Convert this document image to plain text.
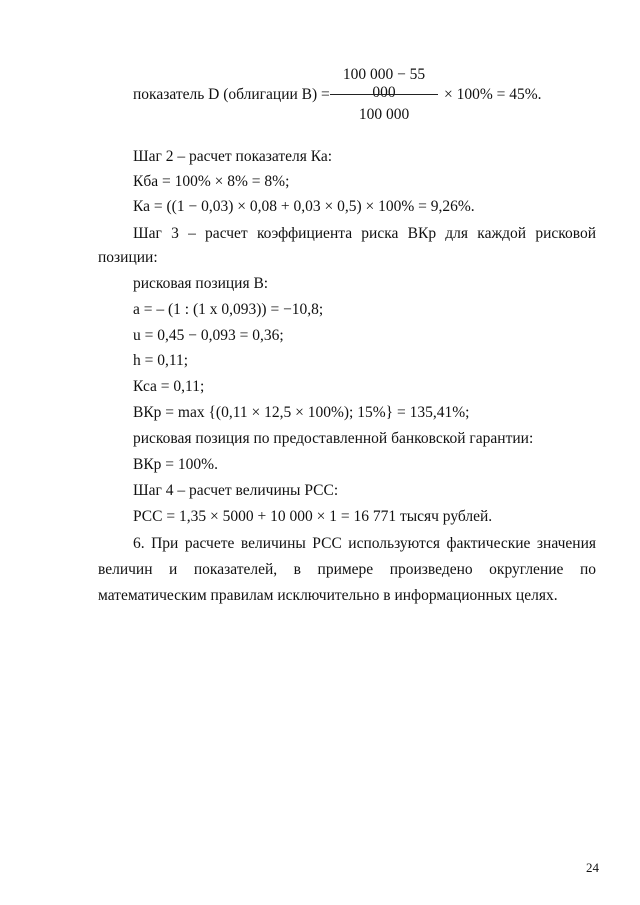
показатель D (облигации В) =
100 000 − 55 000
100 000
× 100% = 45%.
Шаг 2 – расчет показателя Ка:
Кба = 100% × 8% = 8%;
Ка = ((1 − 0,03) × 0,08 + 0,03 × 0,5) × 100% = 9,26%.
Шаг 3 – расчет коэффициента риска ВКр для каждой рисковой
позиции:
рисковая позиция В:
a = – (1 : (1 x 0,093)) = −10,8;
u = 0,45 − 0,093 = 0,36;
h = 0,11;
Кса = 0,11;
ВКр = max {(0,11 × 12,5 × 100%); 15%} = 135,41%;
рисковая позиция по предоставленной банковской гарантии:
ВКр = 100%.
Шаг 4 – расчет величины РСС:
РСС = 1,35 × 5000 + 10 000 × 1 = 16 771 тысяч рублей.
6. При расчете величины РСС используются фактические значения
величин и показателей, в примере произведено округление по
математическим правилам исключительно в информационных целях.
24
